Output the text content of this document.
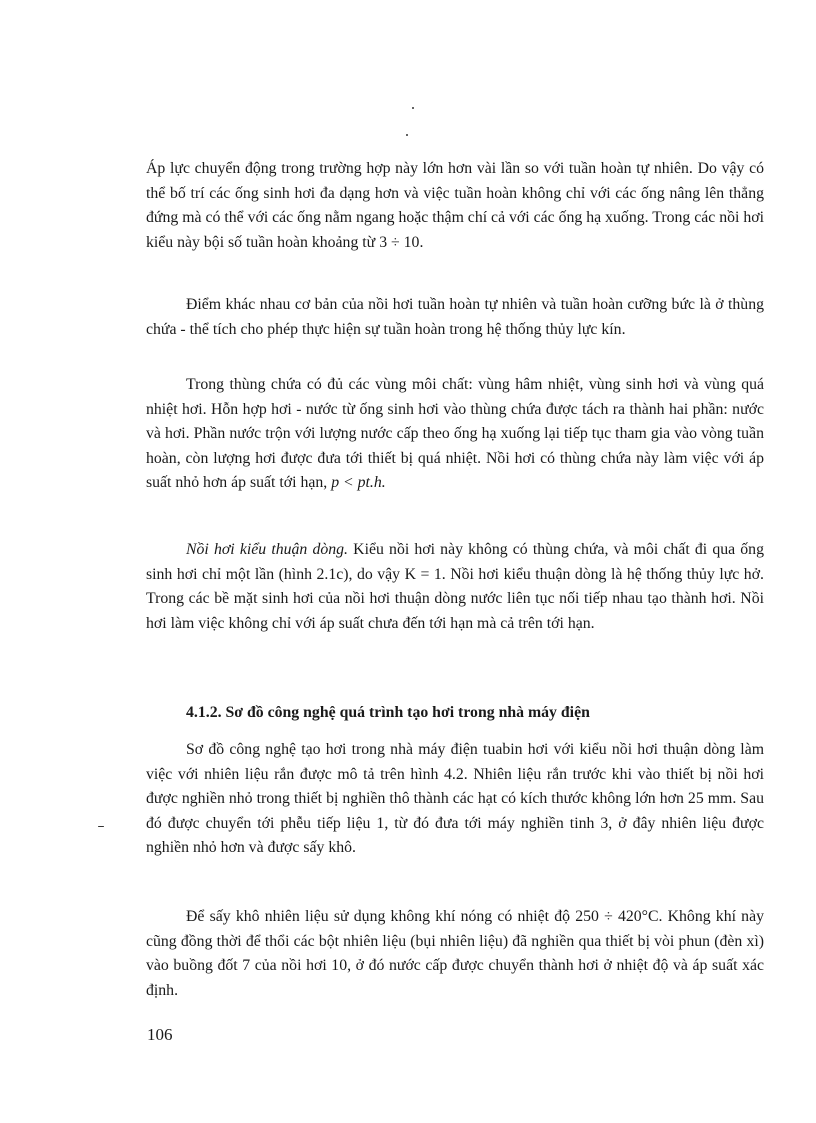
Áp lực chuyển động trong trường hợp này lớn hơn vài lần so với tuần hoàn tự nhiên. Do vậy có thể bố trí các ống sinh hơi đa dạng hơn và việc tuần hoàn không chỉ với các ống nâng lên thẳng đứng mà có thể với các ống nằm ngang hoặc thậm chí cả với các ống hạ xuống. Trong các nồi hơi kiểu này bội số tuần hoàn khoảng từ 3 ÷ 10.

Điểm khác nhau cơ bản của nồi hơi tuần hoàn tự nhiên và tuần hoàn cưỡng bức là ở thùng chứa - thể tích cho phép thực hiện sự tuần hoàn trong hệ thống thủy lực kín.

Trong thùng chứa có đủ các vùng môi chất: vùng hâm nhiệt, vùng sinh hơi và vùng quá nhiệt hơi. Hỗn hợp hơi - nước từ ống sinh hơi vào thùng chứa được tách ra thành hai phần: nước và hơi. Phần nước trộn với lượng nước cấp theo ống hạ xuống lại tiếp tục tham gia vào vòng tuần hoàn, còn lượng hơi được đưa tới thiết bị quá nhiệt. Nồi hơi có thùng chứa này làm việc với áp suất nhỏ hơn áp suất tới hạn, p < pt.h.

Nồi hơi kiểu thuận dòng. Kiểu nồi hơi này không có thùng chứa, và môi chất đi qua ống sinh hơi chỉ một lần (hình 2.1c), do vậy K = 1. Nồi hơi kiểu thuận dòng là hệ thống thủy lực hở. Trong các bề mặt sinh hơi của nồi hơi thuận dòng nước liên tục nối tiếp nhau tạo thành hơi. Nồi hơi làm việc không chỉ với áp suất chưa đến tới hạn mà cả trên tới hạn.

4.1.2. Sơ đồ công nghệ quá trình tạo hơi trong nhà máy điện

Sơ đồ công nghệ tạo hơi trong nhà máy điện tuabin hơi với kiểu nồi hơi thuận dòng làm việc với nhiên liệu rắn được mô tả trên hình 4.2. Nhiên liệu rắn trước khi vào thiết bị nồi hơi được nghiền nhỏ trong thiết bị nghiền thô thành các hạt có kích thước không lớn hơn 25 mm. Sau đó được chuyển tới phễu tiếp liệu 1, từ đó đưa tới máy nghiền tinh 3, ở đây nhiên liệu được nghiền nhỏ hơn và được sấy khô.

Để sấy khô nhiên liệu sử dụng không khí nóng có nhiệt độ 250 ÷ 420°C. Không khí này cũng đồng thời để thổi các bột nhiên liệu (bụi nhiên liệu) đã nghiền qua thiết bị vòi phun (đèn xì) vào buồng đốt 7 của nồi hơi 10, ở đó nước cấp được chuyển thành hơi ở nhiệt độ và áp suất xác định.

106
